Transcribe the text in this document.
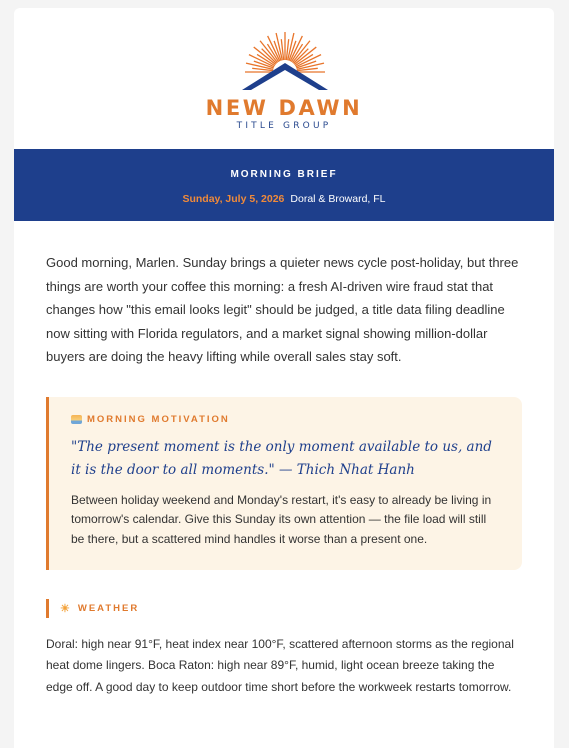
NEW DAWN
TITLE GROUP
MORNING BRIEF
Sunday, July 5, 2026 Doral & Broward, FL

Good morning, Marlen. Sunday brings a quieter news cycle post-holiday, but three things are worth your coffee this morning: a fresh AI-driven wire fraud stat that changes how "this email looks legit" should be judged, a title data filing deadline now sitting with Florida regulators, and a market signal showing million-dollar buyers are doing the heavy lifting while overall sales stay soft.

MORNING MOTIVATION
"The present moment is the only moment available to us, and it is the door to all moments." — Thich Nhat Hanh
Between holiday weekend and Monday's restart, it's easy to already be living in tomorrow's calendar. Give this Sunday its own attention — the file load will still be there, but a scattered mind handles it worse than a present one.
☀ WEATHER
Doral: high near 91°F, heat index near 100°F, scattered afternoon storms as the regional heat dome lingers. Boca Raton: high near 89°F, humid, light ocean breeze taking the edge off. A good day to keep outdoor time short before the workweek restarts tomorrow.
